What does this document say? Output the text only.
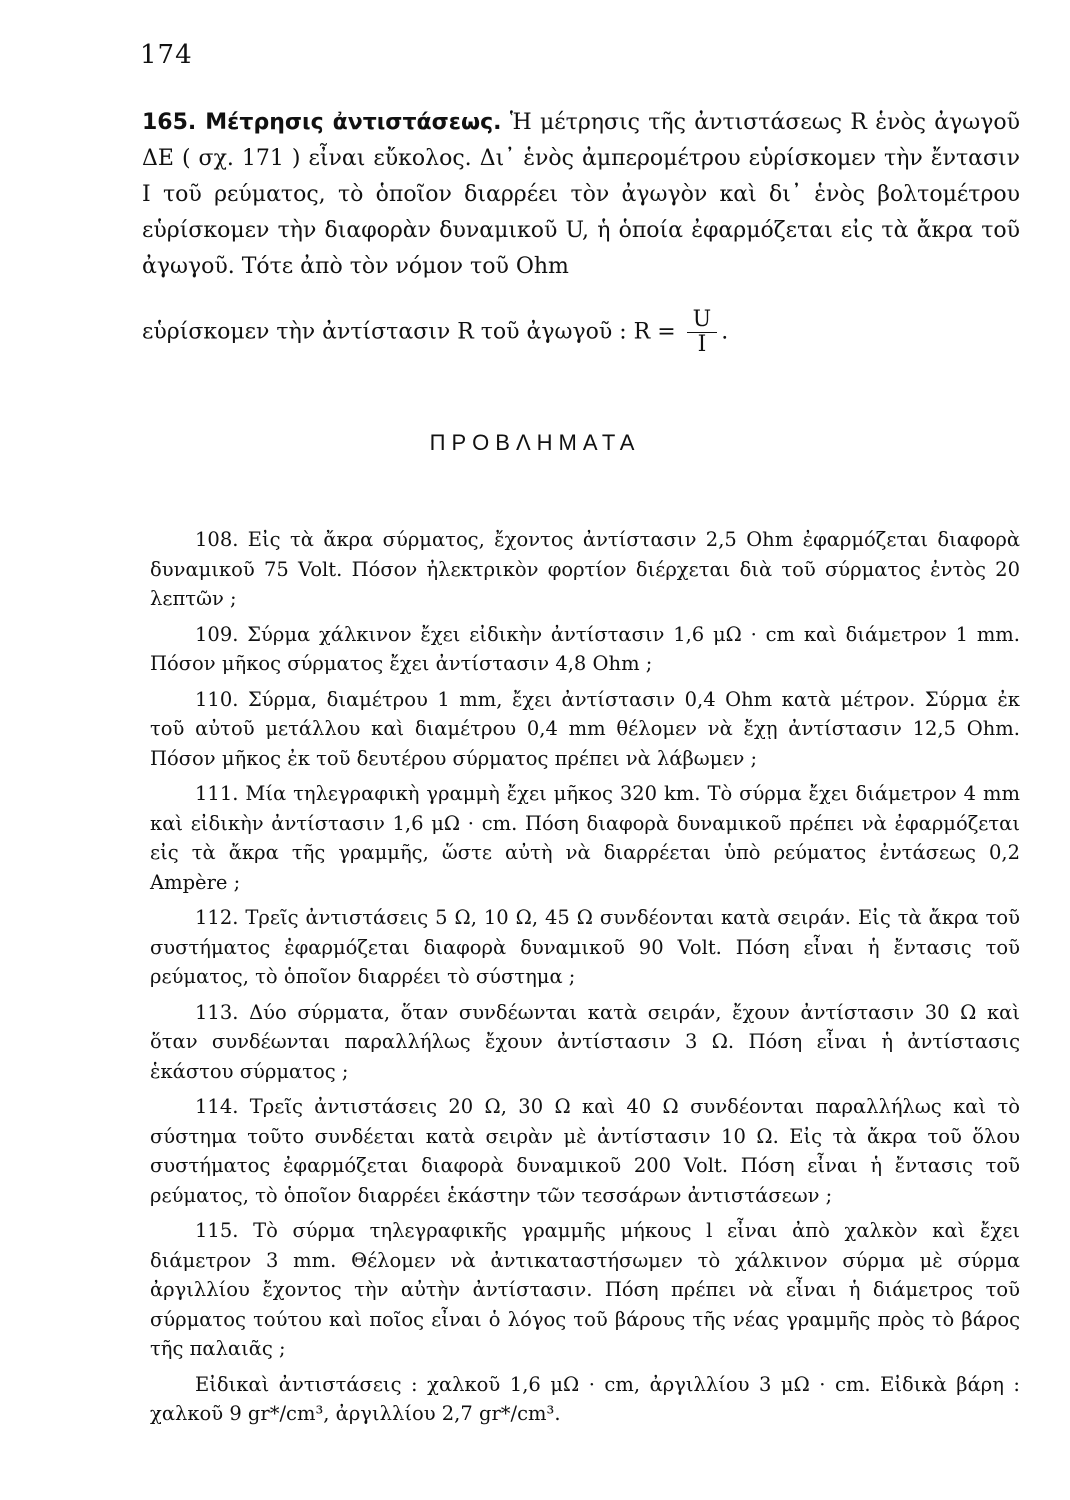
174

165. Μέτρησις ἀντιστάσεως. Ἡ μέτρησις τῆς ἀντιστάσεως R ἑνὸς ἀγωγοῦ ΔΕ ( σχ. 171 ) εἶναι εὔκολος. Δι᾽ ἑνὸς ἀμπερομέτρου εὑρίσκομεν τὴν ἔντασιν I τοῦ ρεύματος, τὸ ὁποῖον διαρρέει τὸν ἀγωγὸν καὶ δι᾽ ἑνὸς βολτομέτρου εὑρίσκομεν τὴν διαφορὰν δυναμικοῦ U, ἡ ὁποία ἐφαρμόζεται εἰς τὰ ἄκρα τοῦ ἀγωγοῦ. Τότε ἀπὸ τὸν νόμον τοῦ Ohm

εὑρίσκομεν τὴν ἀντίστασιν R τοῦ ἀγωγοῦ : $R = \frac{U}{I}$ .
ΠΡΟΒΛΗΜΑΤΑ

108. Εἰς τὰ ἄκρα σύρματος, ἔχοντος ἀντίστασιν 2,5 Ohm ἐφαρμόζεται διαφορὰ δυναμικοῦ 75 Volt. Πόσον ἠλεκτρικὸν φορτίον διέρχεται διὰ τοῦ σύρματος ἐντὸς 20 λεπτῶν ;

109. Σύρμα χάλκινον ἔχει εἰδικὴν ἀντίστασιν 1,6 μΩ · cm καὶ διάμετρον 1 mm. Πόσον μῆκος σύρματος ἔχει ἀντίστασιν 4,8 Ohm ;

110. Σύρμα, διαμέτρου 1 mm, ἔχει ἀντίστασιν 0,4 Ohm κατὰ μέτρον. Σύρμα ἐκ τοῦ αὐτοῦ μετάλλου καὶ διαμέτρου 0,4 mm θέλομεν νὰ ἔχῃ ἀντίστασιν 12,5 Ohm. Πόσον μῆκος ἐκ τοῦ δευτέρου σύρματος πρέπει νὰ λάβωμεν ;

111. Μία τηλεγραφικὴ γραμμὴ ἔχει μῆκος 320 km. Τὸ σύρμα ἔχει διάμετρον 4 mm καὶ εἰδικὴν ἀντίστασιν 1,6 μΩ · cm. Πόση διαφορὰ δυναμικοῦ πρέπει νὰ ἐφαρμόζεται εἰς τὰ ἄκρα τῆς γραμμῆς, ὥστε αὐτὴ νὰ διαρρέεται ὑπὸ ρεύματος ἐντάσεως 0,2 Ampère ;

112. Τρεῖς ἀντιστάσεις 5 Ω, 10 Ω, 45 Ω συνδέονται κατὰ σειράν. Εἰς τὰ ἄκρα τοῦ συστήματος ἐφαρμόζεται διαφορὰ δυναμικοῦ 90 Volt. Πόση εἶναι ἡ ἔντασις τοῦ ρεύματος, τὸ ὁποῖον διαρρέει τὸ σύστημα ;

113. Δύο σύρματα, ὅταν συνδέωνται κατὰ σειράν, ἔχουν ἀντίστασιν 30 Ω καὶ ὅταν συνδέωνται παραλλήλως ἔχουν ἀντίστασιν 3 Ω. Πόση εἶναι ἡ ἀντίστασις ἑκάστου σύρματος ;

114. Τρεῖς ἀντιστάσεις 20 Ω, 30 Ω καὶ 40 Ω συνδέονται παραλλήλως καὶ τὸ σύστημα τοῦτο συνδέεται κατὰ σειρὰν μὲ ἀντίστασιν 10 Ω. Εἰς τὰ ἄκρα τοῦ ὅλου συστήματος ἐφαρμόζεται διαφορὰ δυναμικοῦ 200 Volt. Πόση εἶναι ἡ ἔντασις τοῦ ρεύματος, τὸ ὁποῖον διαρρέει ἑκάστην τῶν τεσσάρων ἀντιστάσεων ;

115. Τὸ σύρμα τηλεγραφικῆς γραμμῆς μήκους l εἶναι ἀπὸ χαλκὸν καὶ ἔχει διάμετρον 3 mm. Θέλομεν νὰ ἀντικαταστήσωμεν τὸ χάλκινον σύρμα μὲ σύρμα ἀργιλλίου ἔχοντος τὴν αὐτὴν ἀντίστασιν. Πόση πρέπει νὰ εἶναι ἡ διάμετρος τοῦ σύρματος τούτου καὶ ποῖος εἶναι ὁ λόγος τοῦ βάρους τῆς νέας γραμμῆς πρὸς τὸ βάρος τῆς παλαιᾶς ;

Εἰδικαὶ ἀντιστάσεις : χαλκοῦ 1,6 μΩ · cm, ἀργιλλίου 3 μΩ · cm. Εἰδικὰ βάρη : χαλκοῦ 9 gr*/cm³, ἀργιλλίου 2,7 gr*/cm³.
